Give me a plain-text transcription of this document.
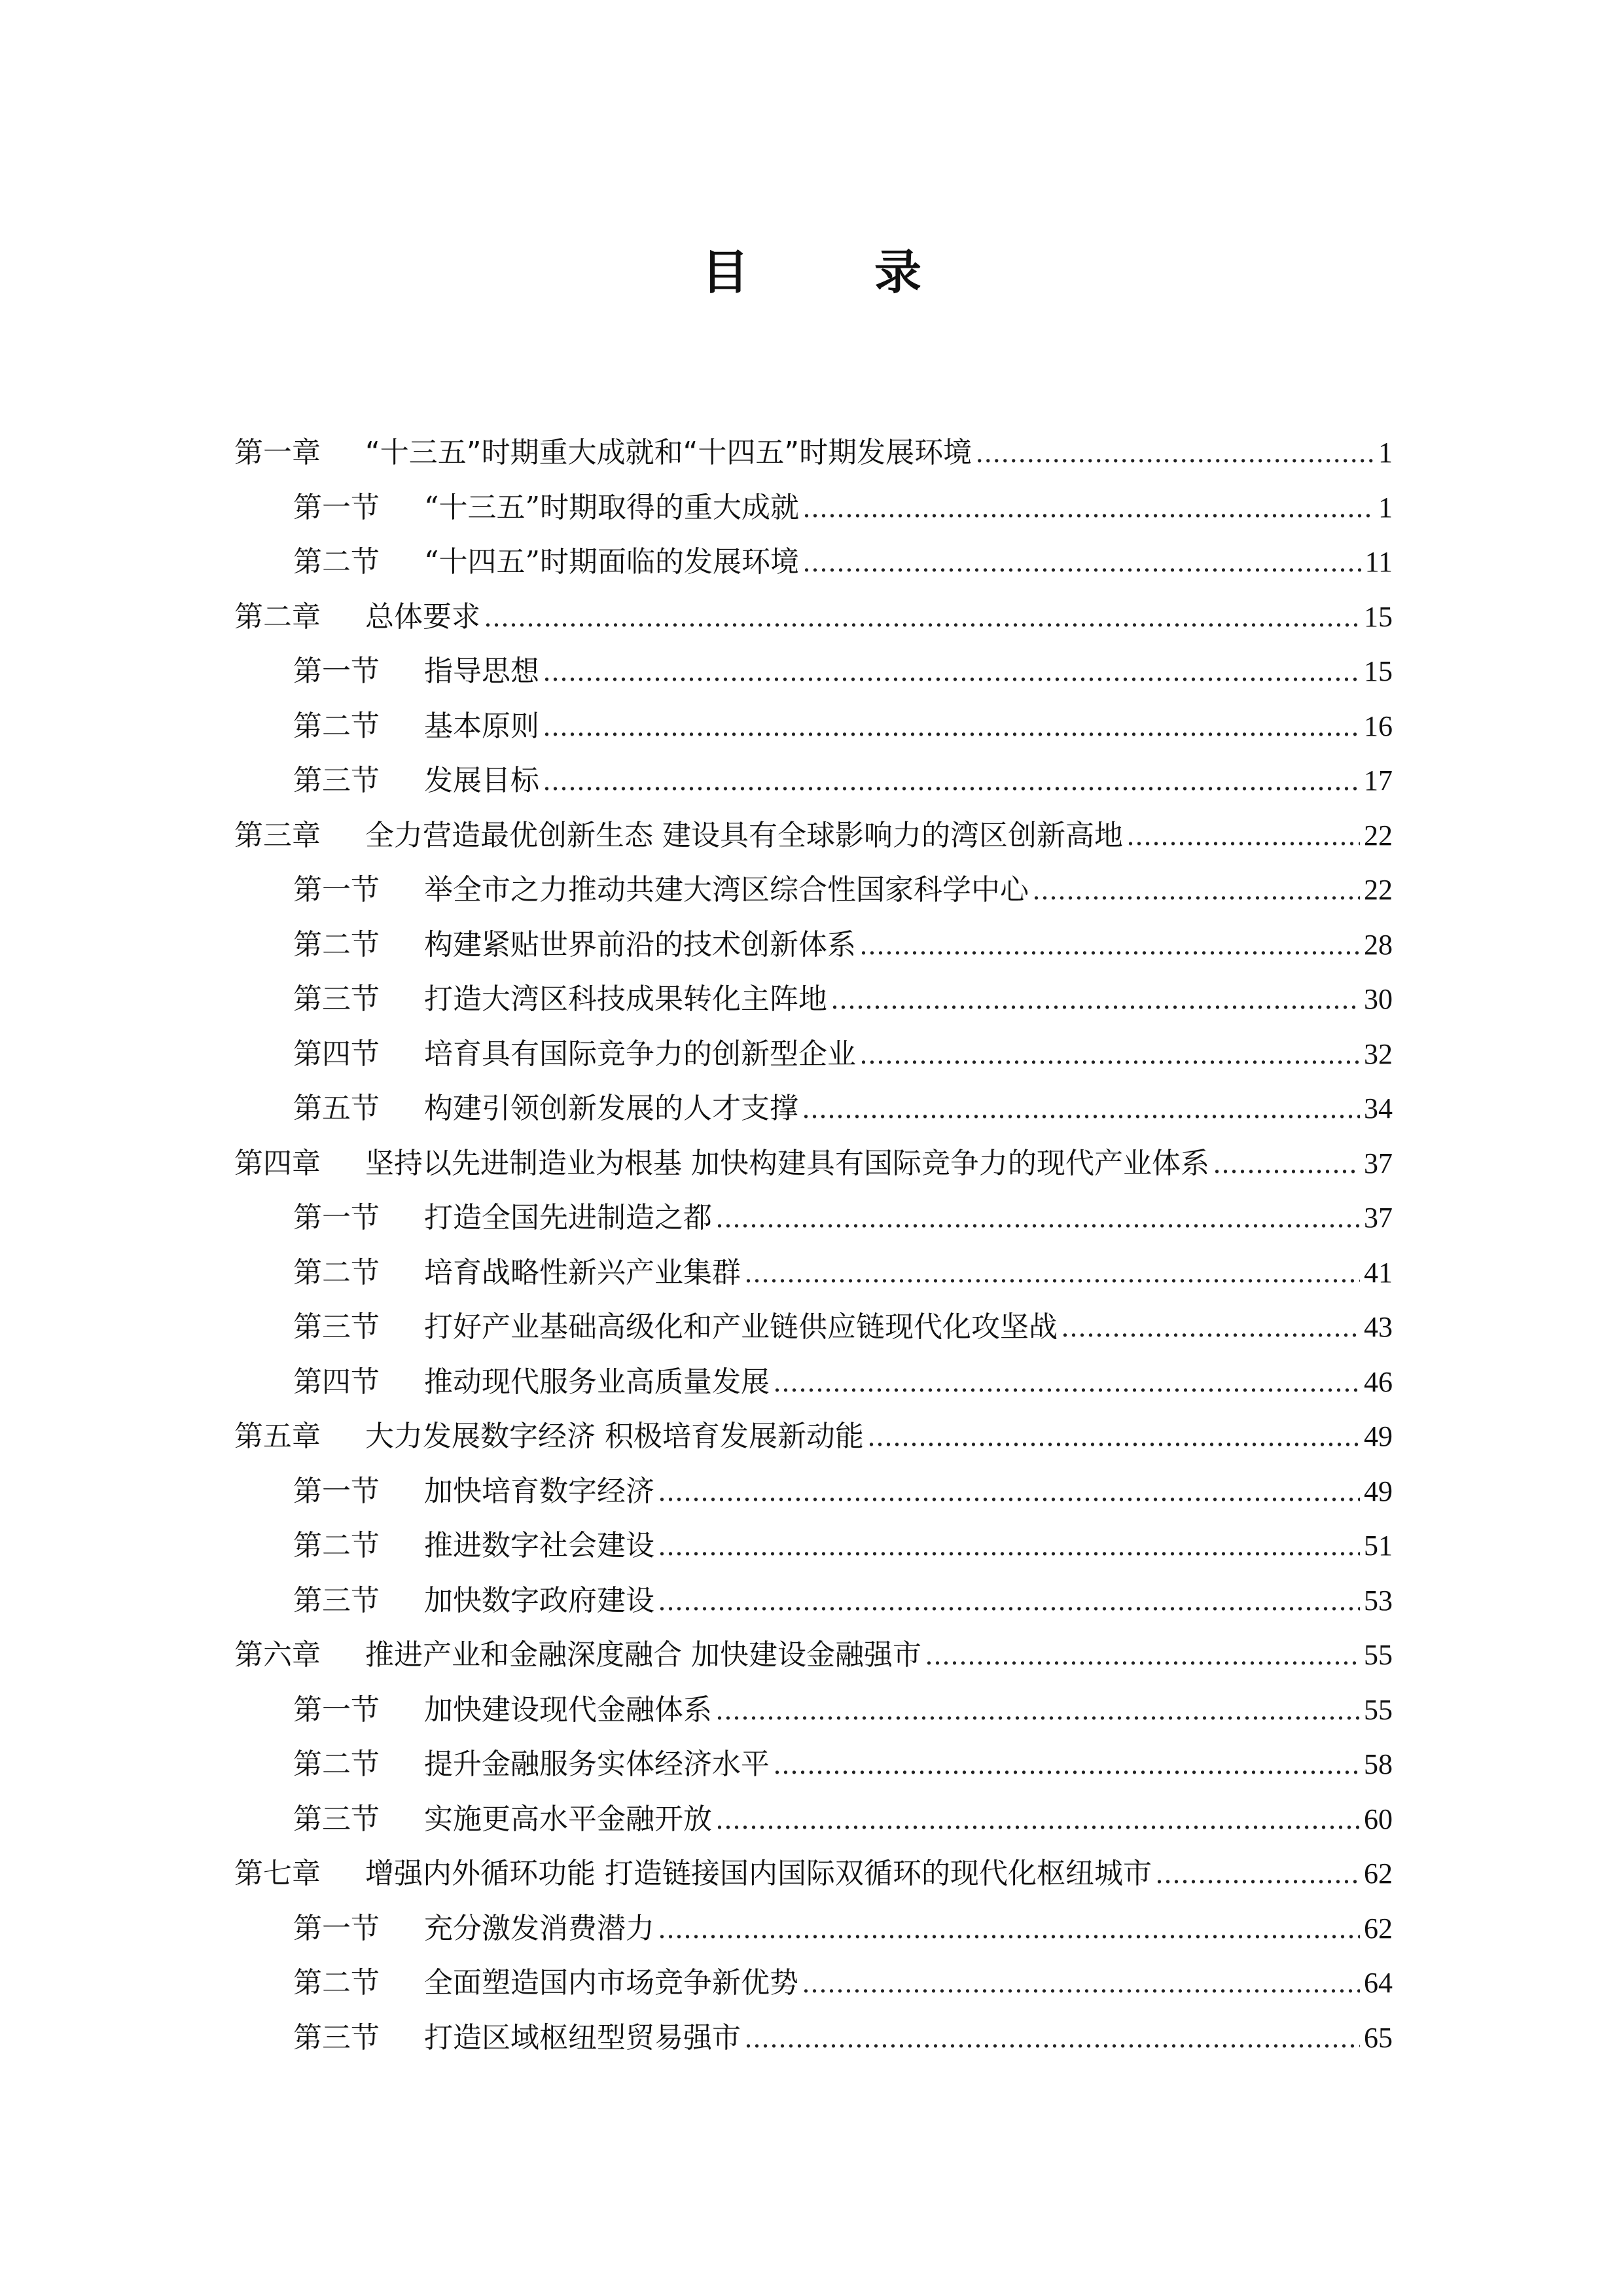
目　录
第一章	“十三五”时期重大成就和“十四五”时期发展环境 .....	1
第一节	“十三五”时期取得的重大成就 .....	1
第二节	“十四五”时期面临的发展环境 .....	11
第二章	总体要求 .....	15
第一节	指导思想 .....	15
第二节	基本原则 .....	16
第三节	发展目标 .....	17
第三章	全力营造最优创新生态 建设具有全球影响力的湾区创新高地 .....	22
第一节	举全市之力推动共建大湾区综合性国家科学中心 .....	22
第二节	构建紧贴世界前沿的技术创新体系 .....	28
第三节	打造大湾区科技成果转化主阵地 .....	30
第四节	培育具有国际竞争力的创新型企业 .....	32
第五节	构建引领创新发展的人才支撑 .....	34
第四章	坚持以先进制造业为根基 加快构建具有国际竞争力的现代产业体系 .....	37
第一节	打造全国先进制造之都 .....	37
第二节	培育战略性新兴产业集群 .....	41
第三节	打好产业基础高级化和产业链供应链现代化攻坚战 .....	43
第四节	推动现代服务业高质量发展 .....	46
第五章	大力发展数字经济 积极培育发展新动能 .....	49
第一节	加快培育数字经济 .....	49
第二节	推进数字社会建设 .....	51
第三节	加快数字政府建设 .....	53
第六章	推进产业和金融深度融合 加快建设金融强市 .....	55
第一节	加快建设现代金融体系 .....	55
第二节	提升金融服务实体经济水平 .....	58
第三节	实施更高水平金融开放 .....	60
第七章	增强内外循环功能 打造链接国内国际双循环的现代化枢纽城市 .....	62
第一节	充分激发消费潜力 .....	62
第二节	全面塑造国内市场竞争新优势 .....	64
第三节	打造区域枢纽型贸易强市 .....	65
